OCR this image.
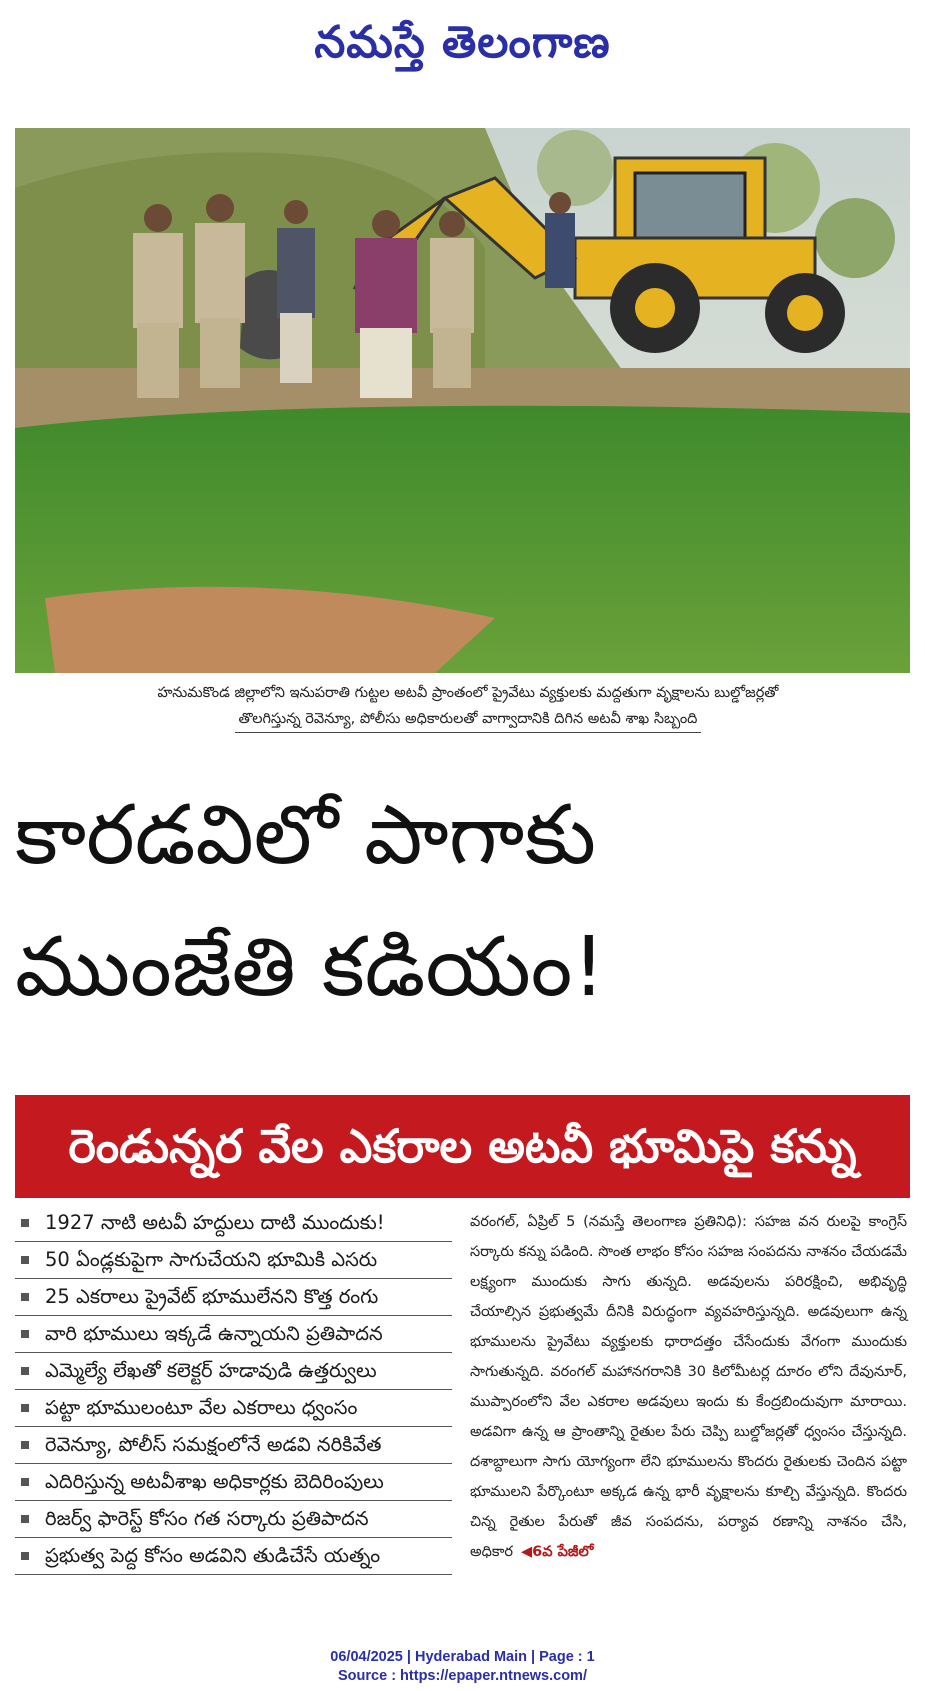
నమస్తే తెలంగాణ
హనుమకొండ జిల్లాలోని ఇనుపరాతి గుట్టల అటవీ ప్రాంతంలో ప్రైవేటు వ్యక్తులకు మద్దతుగా వృక్షాలను బుల్డోజర్లతో
తొలగిస్తున్న రెవెన్యూ, పోలీసు అధికారులతో వాగ్వాదానికి దిగిన అటవీ శాఖ సిబ్బంది
కారడవిలో పాగాకు
ముంజేతి కడియం!
రెండున్నర వేల ఎకరాల అటవీ భూమిపై కన్ను
1927 నాటి అటవీ హద్దులు దాటి ముందుకు!
50 ఏండ్లకుపైగా సాగుచేయని భూమికి ఎసరు
25 ఎకరాలు ప్రైవేట్ భూములేనని కొత్త రంగు
వారి భూములు ఇక్కడే ఉన్నాయని ప్రతిపాదన
ఎమ్మెల్యే లేఖతో కలెక్టర్ హడావుడి ఉత్తర్వులు
పట్టా భూములంటూ వేల ఎకరాలు ధ్వంసం
రెవెన్యూ, పోలీస్ సమక్షంలోనే అడవి నరికివేత
ఎదిరిస్తున్న అటవీశాఖ అధికార్లకు బెదిరింపులు
రిజర్వ్ ఫారెస్ట్ కోసం గత సర్కారు ప్రతిపాదన
ప్రభుత్వ పెద్ద కోసం అడవిని తుడిచేసే యత్నం
వరంగల్, ఏప్రిల్ 5 (నమస్తే తెలంగాణ ప్రతినిధి): సహజ వన రులపై కాంగ్రెస్ సర్కారు కన్ను పడింది. సొంత లాభం కోసం సహజ సంపదను నాశనం చేయడమే లక్ష్యంగా ముందుకు సాగు తున్నది. అడవులను పరిరక్షించి, అభివృద్ధి చేయాల్సిన ప్రభుత్వమే దీనికి విరుద్ధంగా వ్యవహరిస్తున్నది. అడవులుగా ఉన్న భూములను ప్రైవేటు వ్యక్తులకు ధారాదత్తం చేసేందుకు వేగంగా ముందుకు సాగుతున్నది. వరంగల్ మహానగరానికి 30 కిలోమీటర్ల దూరం లోని దేవునూర్, ముప్పారంలోని వేల ఎకరాల అడవులు ఇందు కు కేంద్రబిందువుగా మారాయి. అడవిగా ఉన్న ఆ ప్రాంతాన్ని రైతుల పేరు చెప్పి బుల్డోజర్లతో ధ్వంసం చేస్తున్నది. దశాబ్దాలుగా సాగు యోగ్యంగా లేని భూములను కొందరు రైతులకు చెందిన పట్టా భూములని పేర్కొంటూ అక్కడ ఉన్న భారీ వృక్షాలను కూల్చి వేస్తున్నది. కొందరు చిన్న రైతుల పేరుతో జీవ సంపదను, పర్యావ రణాన్ని నాశనం చేసి, అధికార ◀6వ పేజీలో
06/04/2025 | Hyderabad Main | Page : 1
Source : https://epaper.ntnews.com/
